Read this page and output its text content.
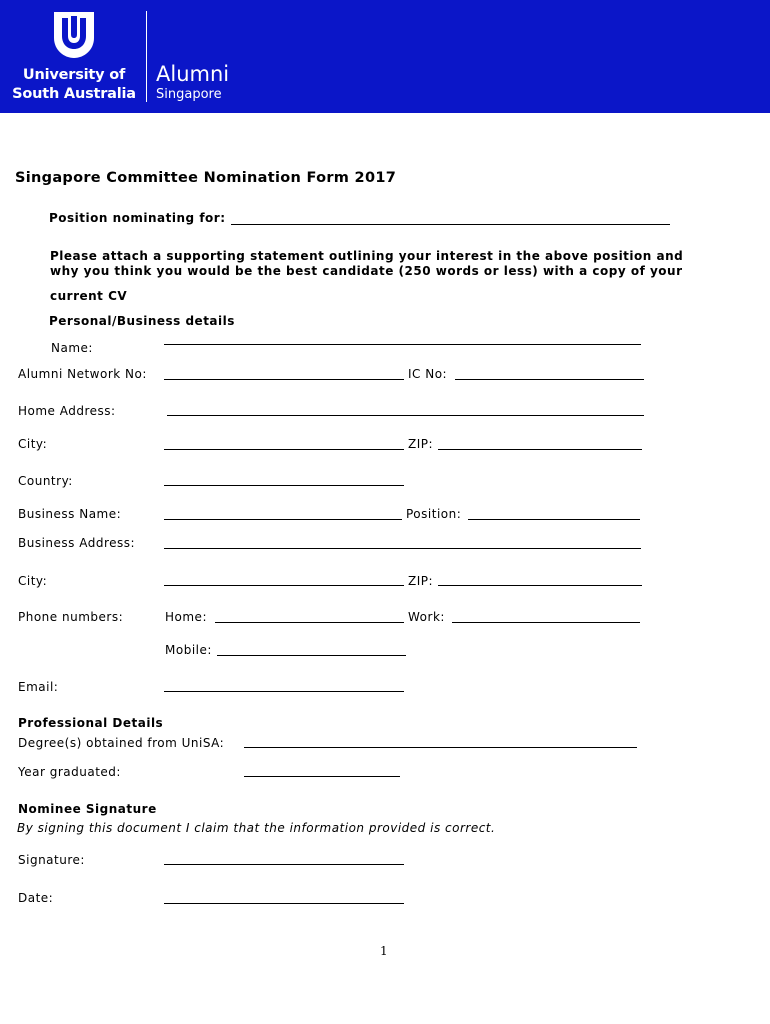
University of
South Australia
Alumni
Singapore
Singapore Committee Nomination Form 2017
Position nominating for:
Please attach a supporting statement outlining your interest in the above position and
why you think you would be the best candidate (250 words or less) with a copy of your
current CV
Personal/Business details
Name:
Alumni Network No:	IC No:
Home Address:
City:	ZIP:
Country:
Business Name:	Position:
Business Address:
City:	ZIP:
Phone numbers:	Home:	Work:
Mobile:
Email:
Professional Details
Degree(s) obtained from UniSA:
Year graduated:
Nominee Signature
By signing this document I claim that the information provided is correct.
Signature:
Date:
1
